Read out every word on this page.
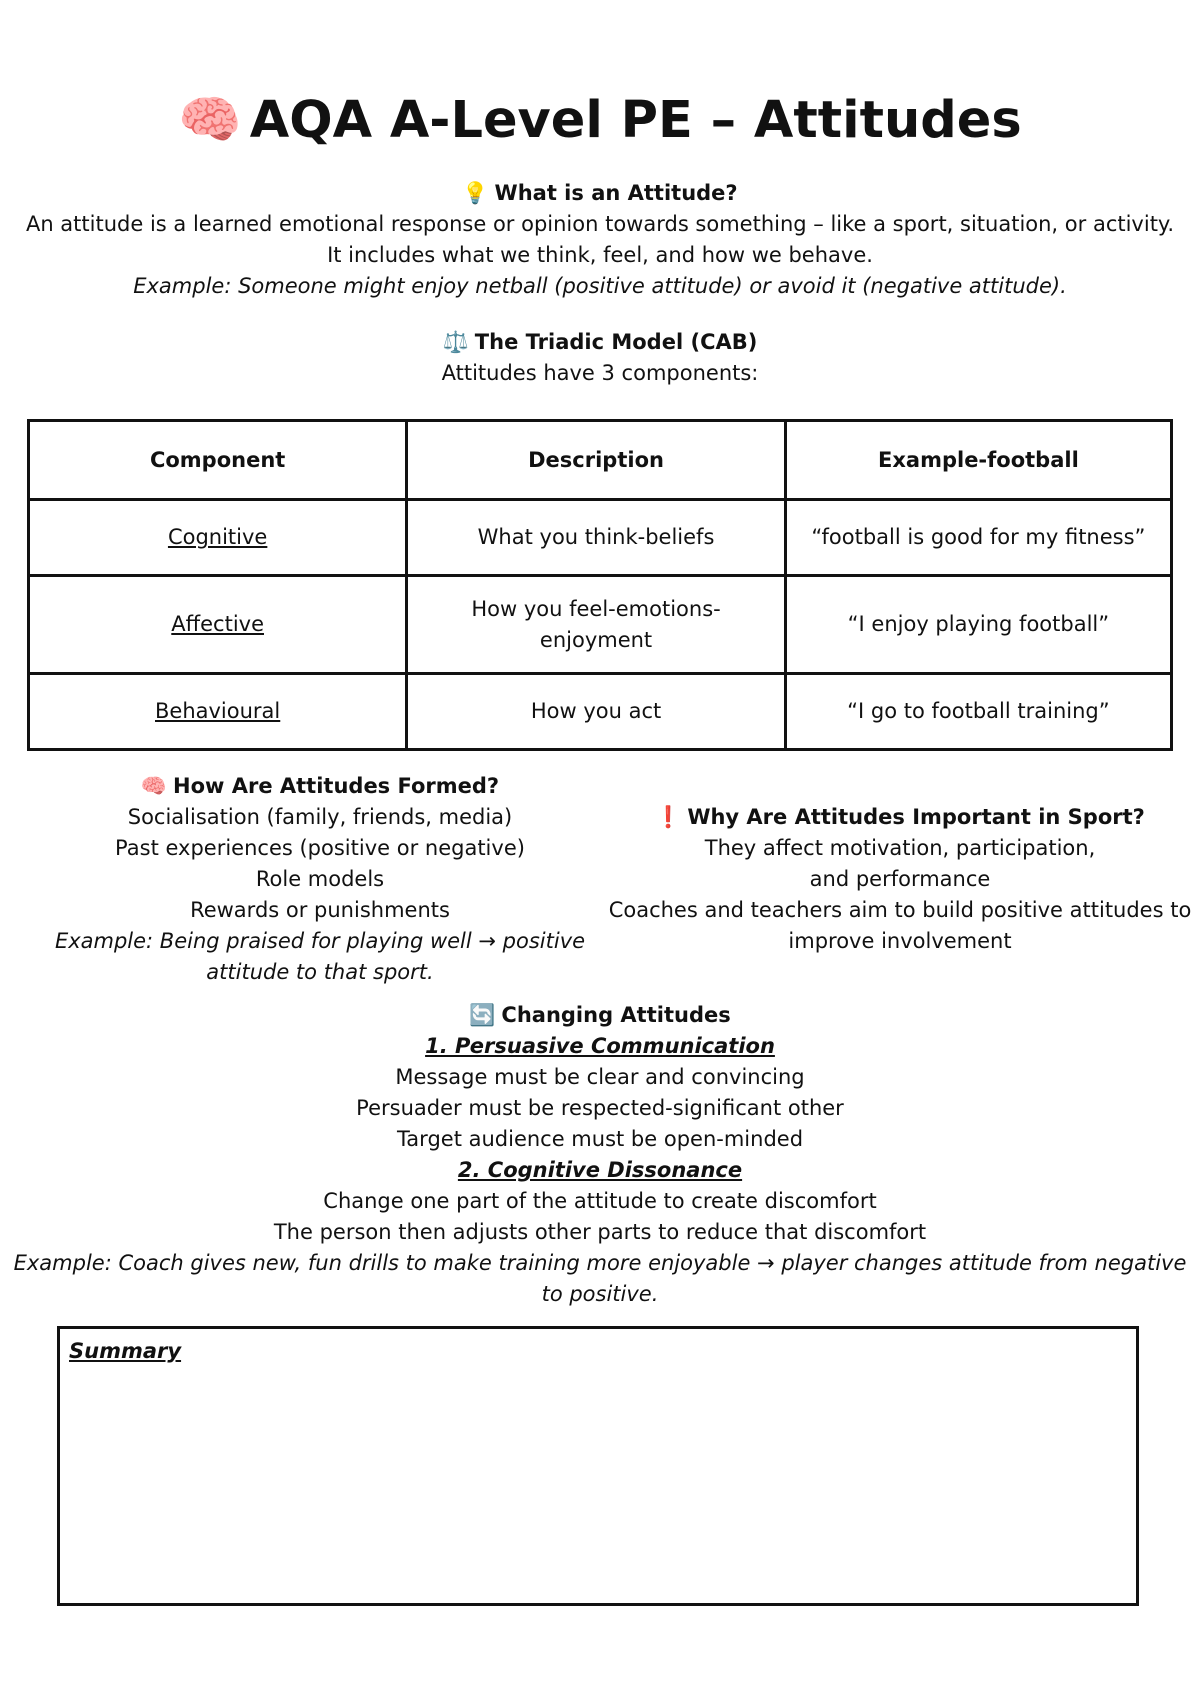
🧠 AQA A-Level PE – Attitudes
💡 What is an Attitude?
An attitude is a learned emotional response or opinion towards something – like a sport, situation, or activity.
It includes what we think, feel, and how we behave.
Example: Someone might enjoy netball (positive attitude) or avoid it (negative attitude).
⚖️ The Triadic Model (CAB)
Attitudes have 3 components:
Component	Description	Example-football
Cognitive	What you think-beliefs	“football is good for my fitness”
Affective	How you feel-emotions-enjoyment	“I enjoy playing football”
Behavioural	How you act	“I go to football training”
🧠 How Are Attitudes Formed?
Socialisation (family, friends, media)
Past experiences (positive or negative)
Role models
Rewards or punishments
Example: Being praised for playing well → positive attitude to that sport.
❗ Why Are Attitudes Important in Sport?
They affect motivation, participation, and performance
Coaches and teachers aim to build positive attitudes to improve involvement
🔄 Changing Attitudes
1. Persuasive Communication
Message must be clear and convincing
Persuader must be respected-significant other
Target audience must be open-minded
2. Cognitive Dissonance
Change one part of the attitude to create discomfort
The person then adjusts other parts to reduce that discomfort
Example: Coach gives new, fun drills to make training more enjoyable → player changes attitude from negative
to positive.
Summary
